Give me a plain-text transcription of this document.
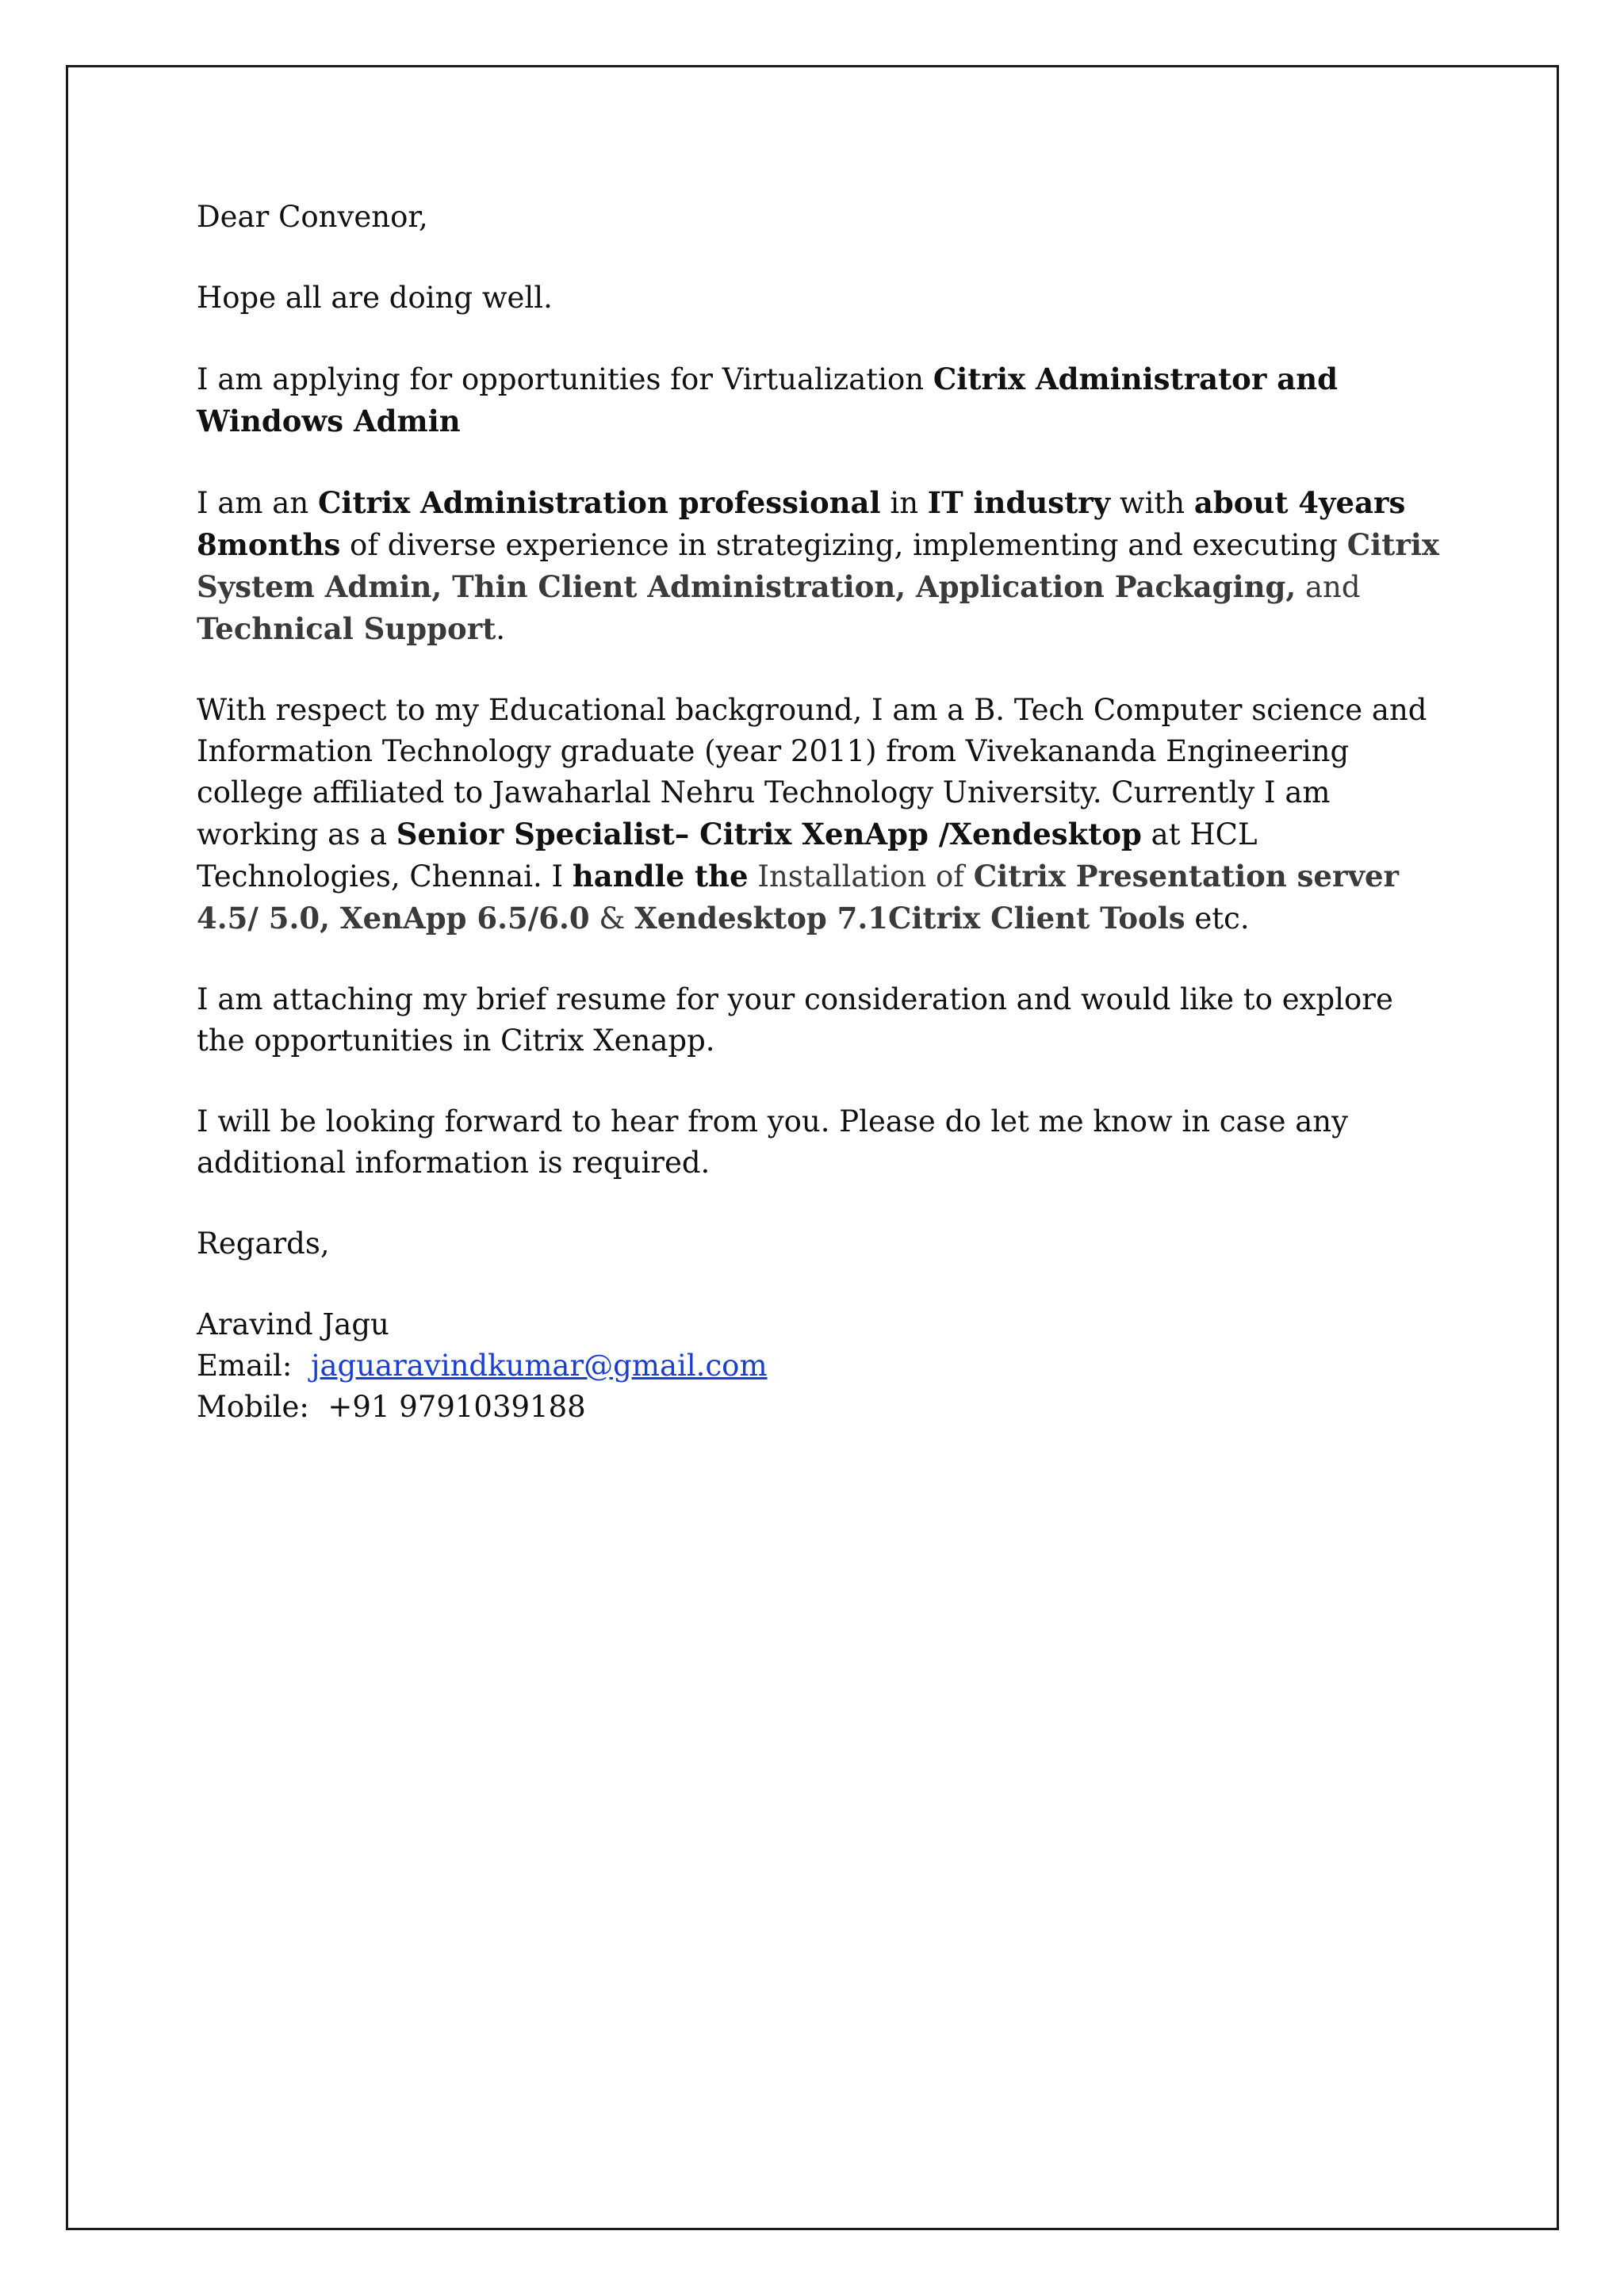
Dear Convenor,

Hope all are doing well.

I am applying for opportunities for Virtualization Citrix Administrator and Windows Admin

I am an Citrix Administration professional in IT industry with about 4years 8months of diverse experience in strategizing, implementing and executing Citrix System Admin, Thin Client Administration, Application Packaging, and Technical Support.

With respect to my Educational background, I am a B. Tech Computer science and Information Technology graduate (year 2011) from Vivekananda Engineering college affiliated to Jawaharlal Nehru Technology University. Currently I am working as a Senior Specialist– Citrix XenApp /Xendesktop at HCL Technologies, Chennai. I handle the Installation of Citrix Presentation server 4.5/ 5.0, XenApp 6.5/6.0 & Xendesktop 7.1Citrix Client Tools etc.

I am attaching my brief resume for your consideration and would like to explore the opportunities in Citrix Xenapp.

I will be looking forward to hear from you. Please do let me know in case any additional information is required.

Regards,

Aravind Jagu

Email: jaguaravindkumar@gmail.com

Mobile: +91 9791039188
